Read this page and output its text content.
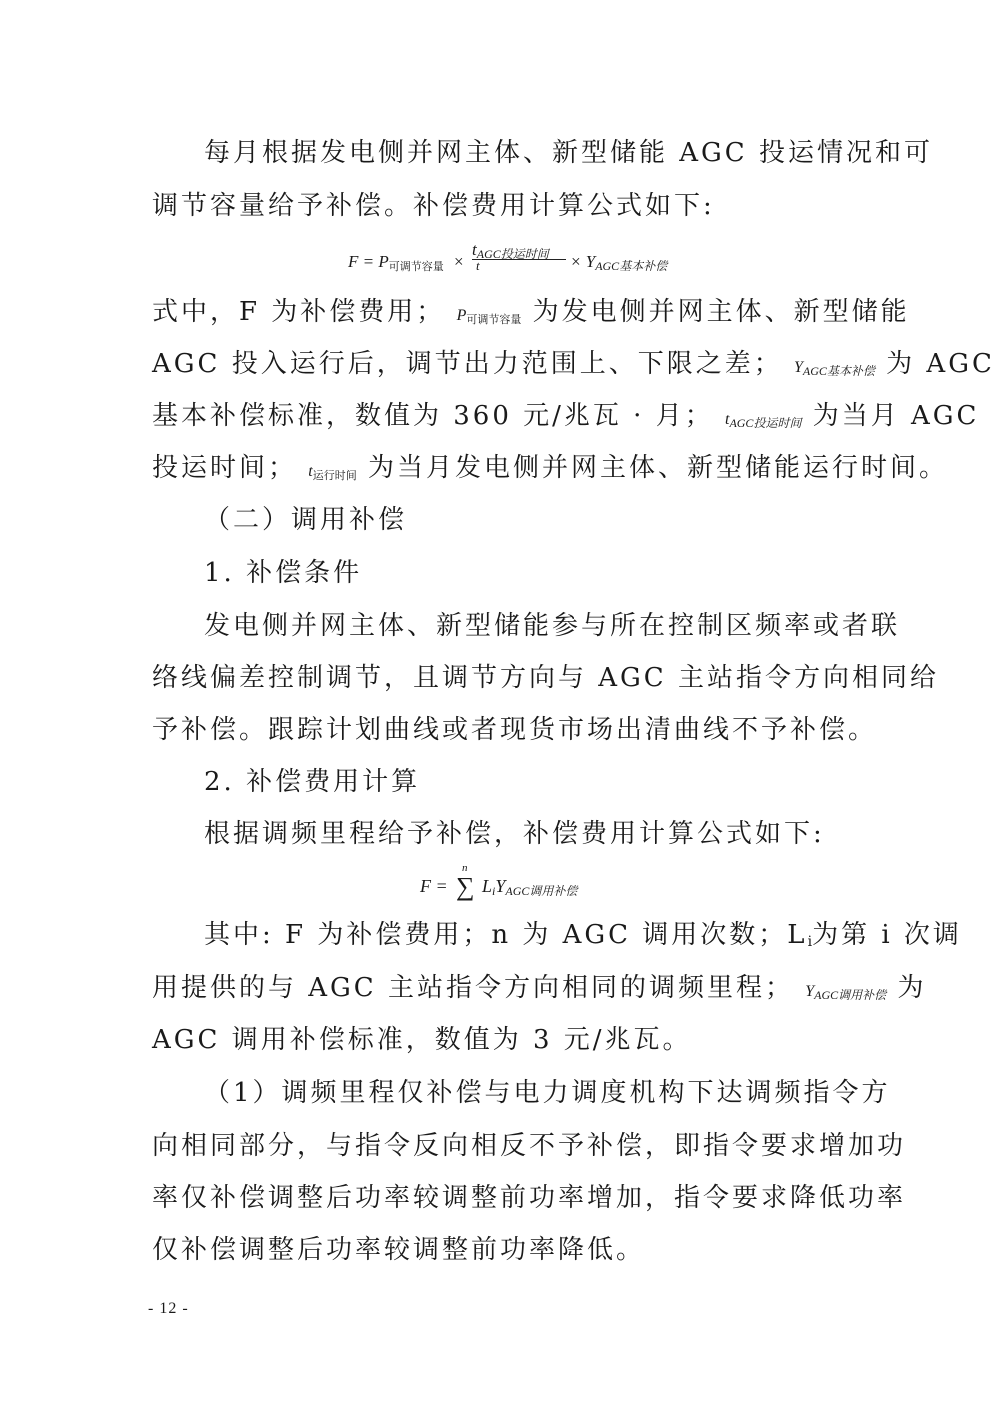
每月根据发电侧并网主体、新型储能 AGC 投运情况和可
调节容量给予补偿。补偿费用计算公式如下:
$F = P_{可调节容量}$ ×
tAGC投运时间
t	× YAGC基本补偿
式中，F 为补偿费用； $P_{可调节容量}$ 为发电侧并网主体、新型储能
AGC 投入运行后，调节出力范围上、下限之差； YAGC基本补偿 为 AGC
基本补偿标准，数值为 360 元/兆瓦 · 月； tAGC投运时间 为当月 AGC
投运时间； $t_{运行时间}$ 为当月发电侧并网主体、新型储能运行时间。
（二）调用补偿
1. 补偿条件
发电侧并网主体、新型储能参与所在控制区频率或者联
络线偏差控制调节，且调节方向与 AGC 主站指令方向相同给
予补偿。跟踪计划曲线或者现货市场出清曲线不予补偿。
2. 补偿费用计算
根据调频里程给予补偿，补偿费用计算公式如下:
F =
n
∑ LiYAGC调用补偿
其中: F 为补偿费用；n 为 AGC 调用次数；Li为第 i 次调
用提供的与 AGC 主站指令方向相同的调频里程； YAGC调用补偿 为
AGC 调用补偿标准，数值为 3 元/兆瓦。
（1）调频里程仅补偿与电力调度机构下达调频指令方
向相同部分，与指令反向相反不予补偿，即指令要求增加功
率仅补偿调整后功率较调整前功率增加，指令要求降低功率
仅补偿调整后功率较调整前功率降低。
- 12 -
